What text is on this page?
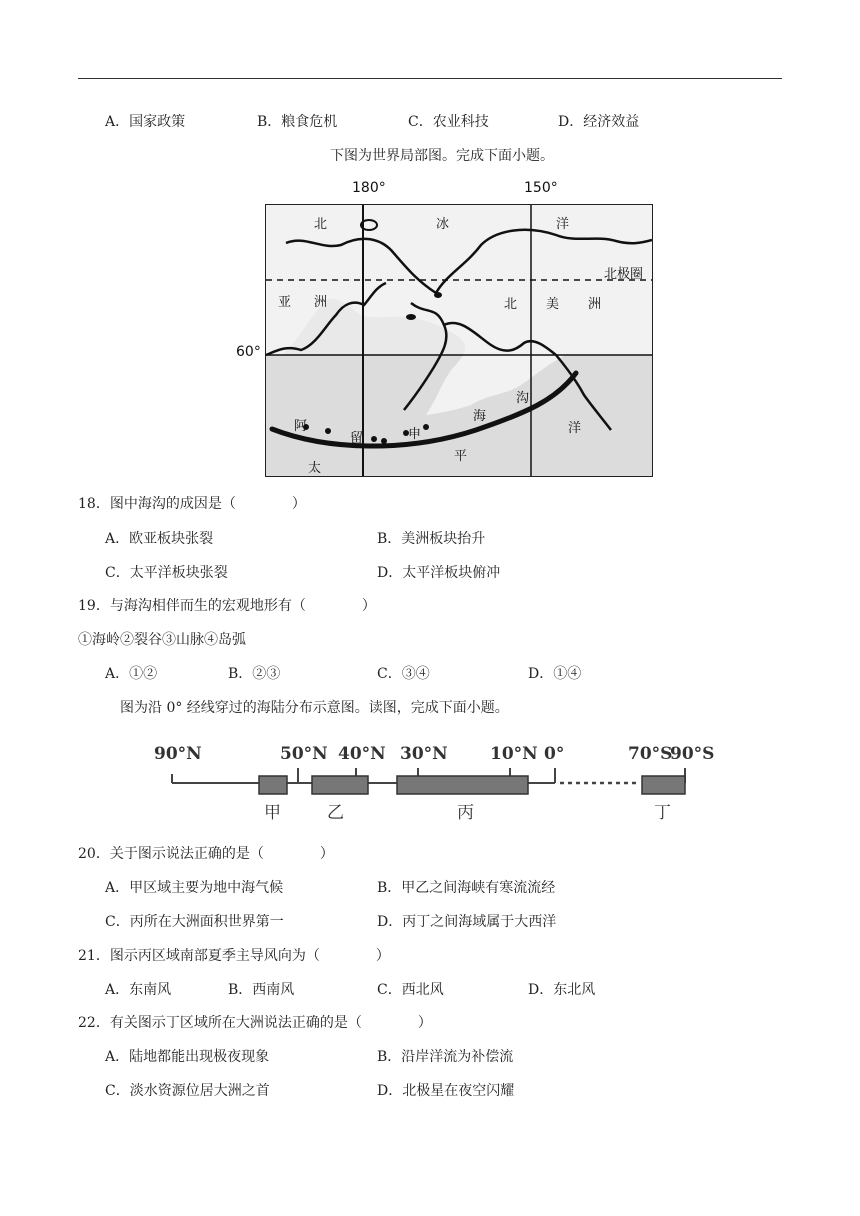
A．国家政策	B．粮食危机	C．农业科技	D．经济效益
下图为世界局部图。完成下面小题。
180°	150°
60°
北	冰	洋
北极圈
亚 洲	北 美 洲
沟
海
洋
阿
留	申
太
平
18．图中海沟的成因是（　　　　）
A．欧亚板块张裂	B．美洲板块抬升
C．太平洋板块张裂	D．太平洋板块俯冲
19．与海沟相伴而生的宏观地形有（　　　　）
①海岭②裂谷③山脉④岛弧
A．①②	B．②③	C．③④	D．①④
图为沿 0° 经线穿过的海陆分布示意图。读图，完成下面小题。
90°N	50°N 40°N 30°N 10°N 0°	70°S
90°S
甲	乙	丙	丁
20．关于图示说法正确的是（　　　　）
A．甲区域主要为地中海气候	B．甲乙之间海峡有寒流流经
C．丙所在大洲面积世界第一	D．丙丁之间海域属于大西洋
21．图示丙区域南部夏季主导风向为（　　　　）
A．东南风	B．西南风	C．西北风	D．东北风
22．有关图示丁区域所在大洲说法正确的是（　　　　）
A．陆地都能出现极夜现象	B．沿岸洋流为补偿流
C．淡水资源位居大洲之首	D．北极星在夜空闪耀
